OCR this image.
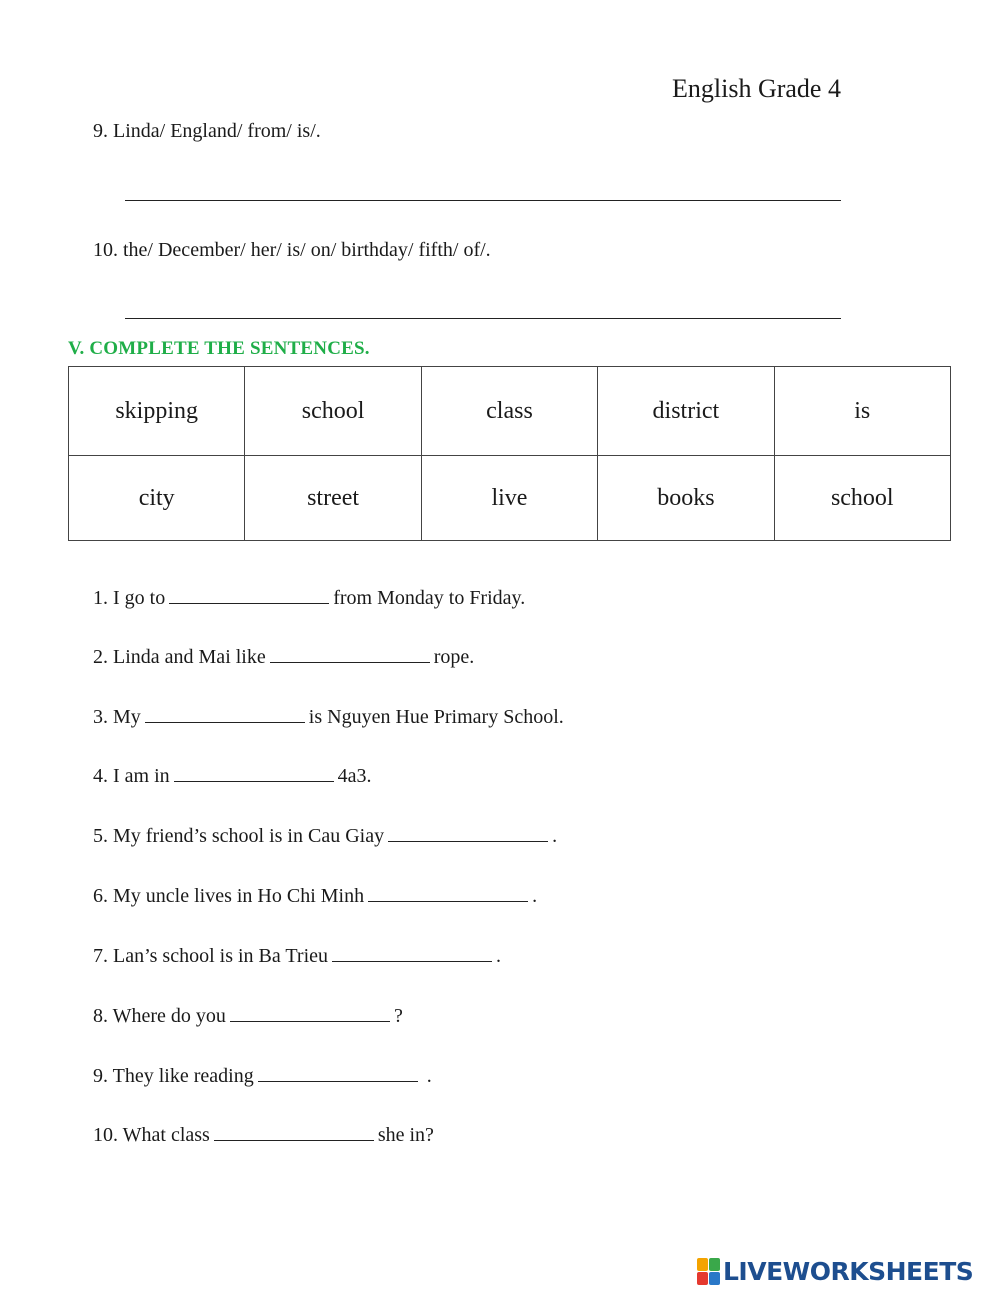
English Grade 4
9. Linda/ England/ from/ is/.
10. the/ December/ her/ is/ on/ birthday/ fifth/ of/.
V. COMPLETE THE SENTENCES.
skipping	school	class	district	is
city	street	live	books	school
1. I go to	from Monday to Friday.
2. Linda and Mai like	rope.
3. My	is Nguyen Hue Primary School.
4. I am in	4a3.
5. My friend’s school is in Cau Giay	.
6. My uncle lives in Ho Chi Minh	.
7. Lan’s school is in Ba Trieu	.
8. Where do you	?
9. They like reading	.
10. What class	she in?
LIVEWORKSHEETS
